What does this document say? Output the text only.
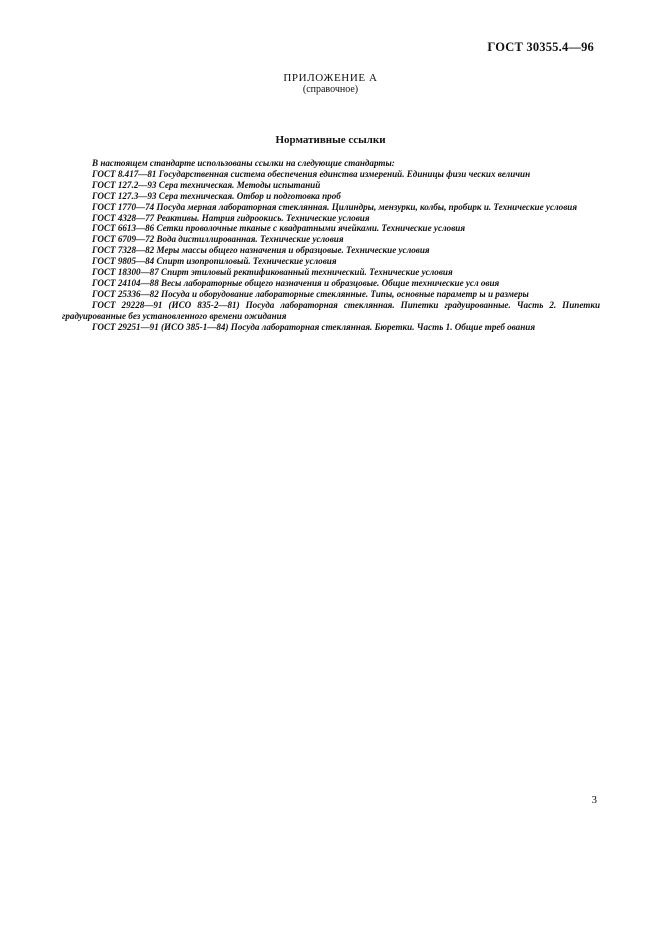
ГОСТ 30355.4—96
ПРИЛОЖЕНИЕ А
(справочное)
Нормативные ссылки
В настоящем стандарте использованы ссылки на следующие стандарты:
ГОСТ 8.417—81 Государственная система обеспечения единства измерений. Единицы физи ческих величин
ГОСТ 127.2—93 Сера техническая. Методы испытаний
ГОСТ 127.3—93 Сера техническая. Отбор и подготовка проб
ГОСТ 1770—74 Посуда мерная лабораторная стеклянная. Цилиндры, мензурки, колбы, пробирк и. Технические условия
ГОСТ 4328—77 Реактивы. Натрия гидроокись. Технические условия
ГОСТ 6613—86 Сетки проволочные тканые с квадратными ячейками. Технические условия
ГОСТ 6709—72 Вода дистиллированная. Технические условия
ГОСТ 7328—82 Меры массы общего назначения и образцовые. Технические условия
ГОСТ 9805—84 Спирт изопропиловый. Технические условия
ГОСТ 18300—87 Спирт этиловый ректификованный технический. Технические условия
ГОСТ 24104—88 Весы лабораторные общего назначения и образцовые. Общие технические усл овия
ГОСТ 25336—82 Посуда и оборудование лабораторные стеклянные. Типы, основные параметр ы и размеры
ГОСТ 29228—91 (ИСО 835-2—81) Посуда лабораторная стеклянная. Пипетки градуированные. Часть 2. Пипетки градуированные без установленного времени ожидания
ГОСТ 29251—91 (ИСО 385-1—84) Посуда лабораторная стеклянная. Бюретки. Часть 1. Общие треб ования
3
